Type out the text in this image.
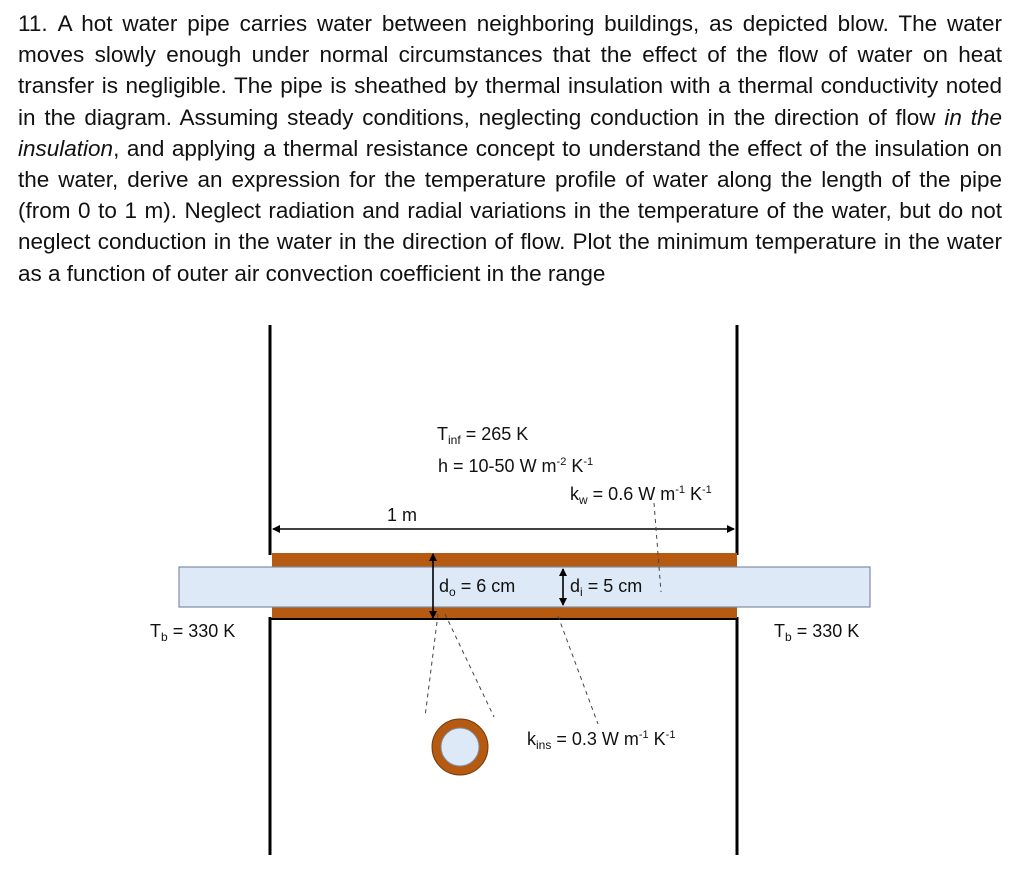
11. A hot water pipe carries water between neighboring buildings, as depicted blow. The water moves slowly enough under normal circumstances that the effect of the flow of water on heat transfer is negligible. The pipe is sheathed by thermal insulation with a thermal conductivity noted in the diagram. Assuming steady conditions, neglecting conduction in the direction of flow in the insulation, and applying a thermal resistance concept to understand the effect of the insulation on the water, derive an expression for the temperature profile of water along the length of the pipe (from 0 to 1 m). Neglect radiation and radial variations in the temperature of the water, but do not neglect conduction in the water in the direction of flow. Plot the minimum temperature in the water as a function of outer air convection coefficient in the range

$T_{inf} = 265$ K
h = 10-50 W $m^{-2}$ $K^{-1}$
$k_w = 0.6$ W $m^{-1}$ $K^{-1}$
1 m
$d_o = 6$ cm	$d_i = 5$ cm
$T_b = 330$ K	$T_b = 330$ K
$k_{ins} = 0.3$ W $m^{-1}$ $K^{-1}$
